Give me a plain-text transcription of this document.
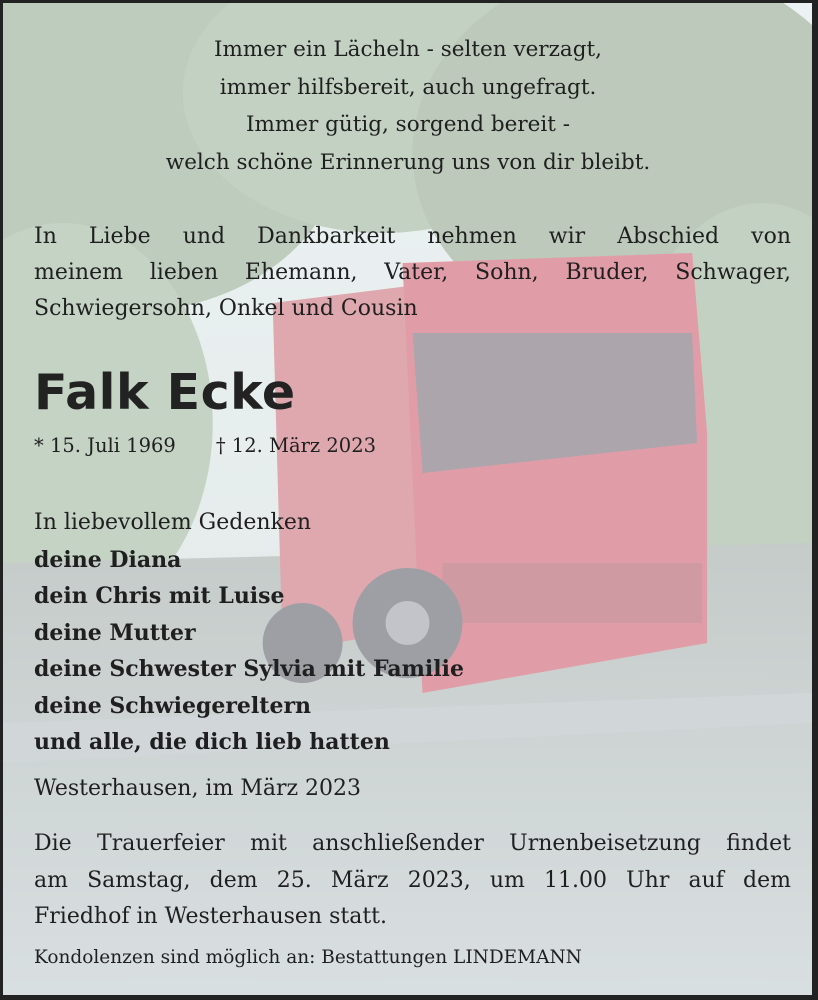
Immer ein Lächeln - selten verzagt,
immer hilfsbereit, auch ungefragt.
Immer gütig, sorgend bereit -
welch schöne Erinnerung uns von dir bleibt.
In Liebe und Dankbarkeit nehmen wir Abschied von
meinem lieben Ehemann, Vater, Sohn, Bruder, Schwager,
Schwiegersohn, Onkel und Cousin
Falk Ecke
* 15. Juli 1969 † 12. März 2023
In liebevollem Gedenken
deine Diana
dein Chris mit Luise
deine Mutter
deine Schwester Sylvia mit Familie
deine Schwiegereltern
und alle, die dich lieb hatten
Westerhausen, im März 2023
Die Trauerfeier mit anschließender Urnenbeisetzung findet
am Samstag, dem 25. März 2023, um 11.00 Uhr auf dem
Friedhof in Westerhausen statt.
Kondolenzen sind möglich an: Bestattungen LINDEMANN
